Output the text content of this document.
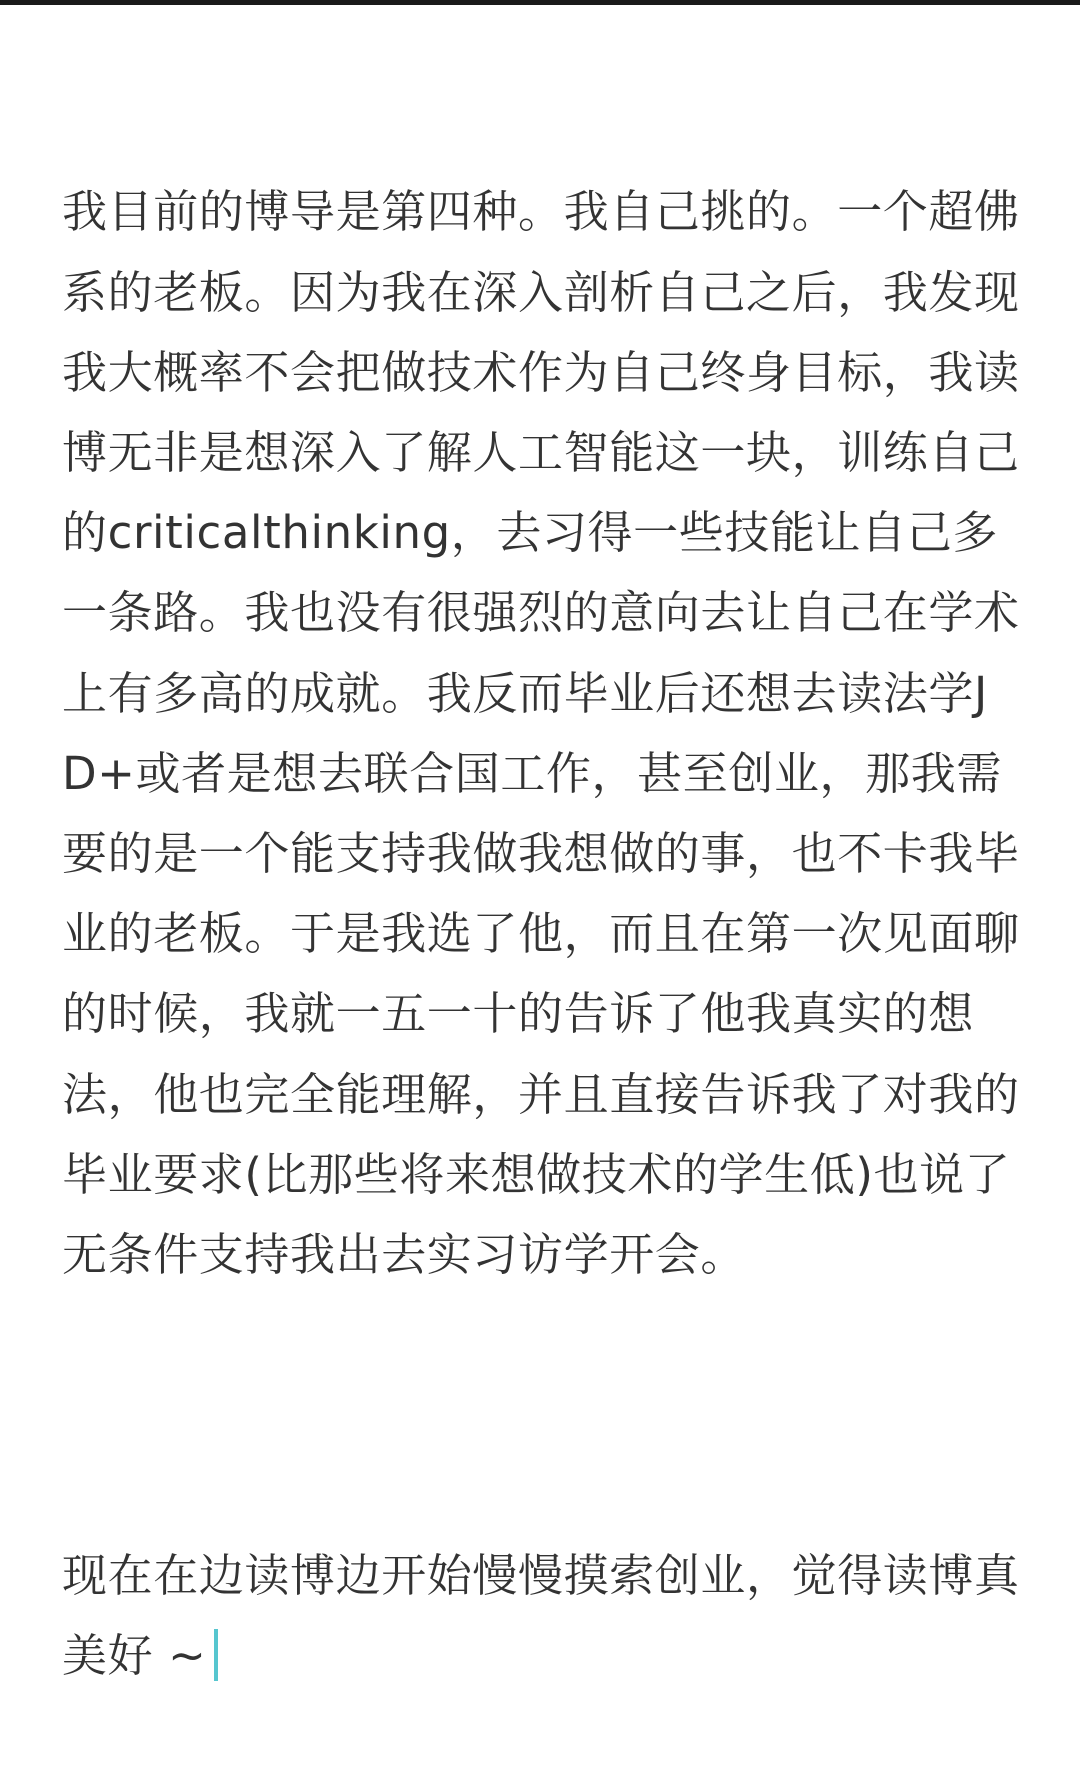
我目前的博导是第四种。我自己挑的。一个超佛系的老板。因为我在深入剖析自己之后，我发现我大概率不会把做技术作为自己终身目标，我读博无非是想深入了解人工智能这一块，训练自己的criticalthinking，去习得一些技能让自己多一条路。我也没有很强烈的意向去让自己在学术上有多高的成就。我反而毕业后还想去读法学JD+或者是想去联合国工作，甚至创业，那我需要的是一个能支持我做我想做的事，也不卡我毕业的老板。于是我选了他，而且在第一次见面聊的时候，我就一五一十的告诉了他我真实的想法，他也完全能理解，并且直接告诉我了对我的毕业要求(比那些将来想做技术的学生低)也说了无条件支持我出去实习访学开会。

现在在边读博边开始慢慢摸索创业，觉得读博真美好 ~
